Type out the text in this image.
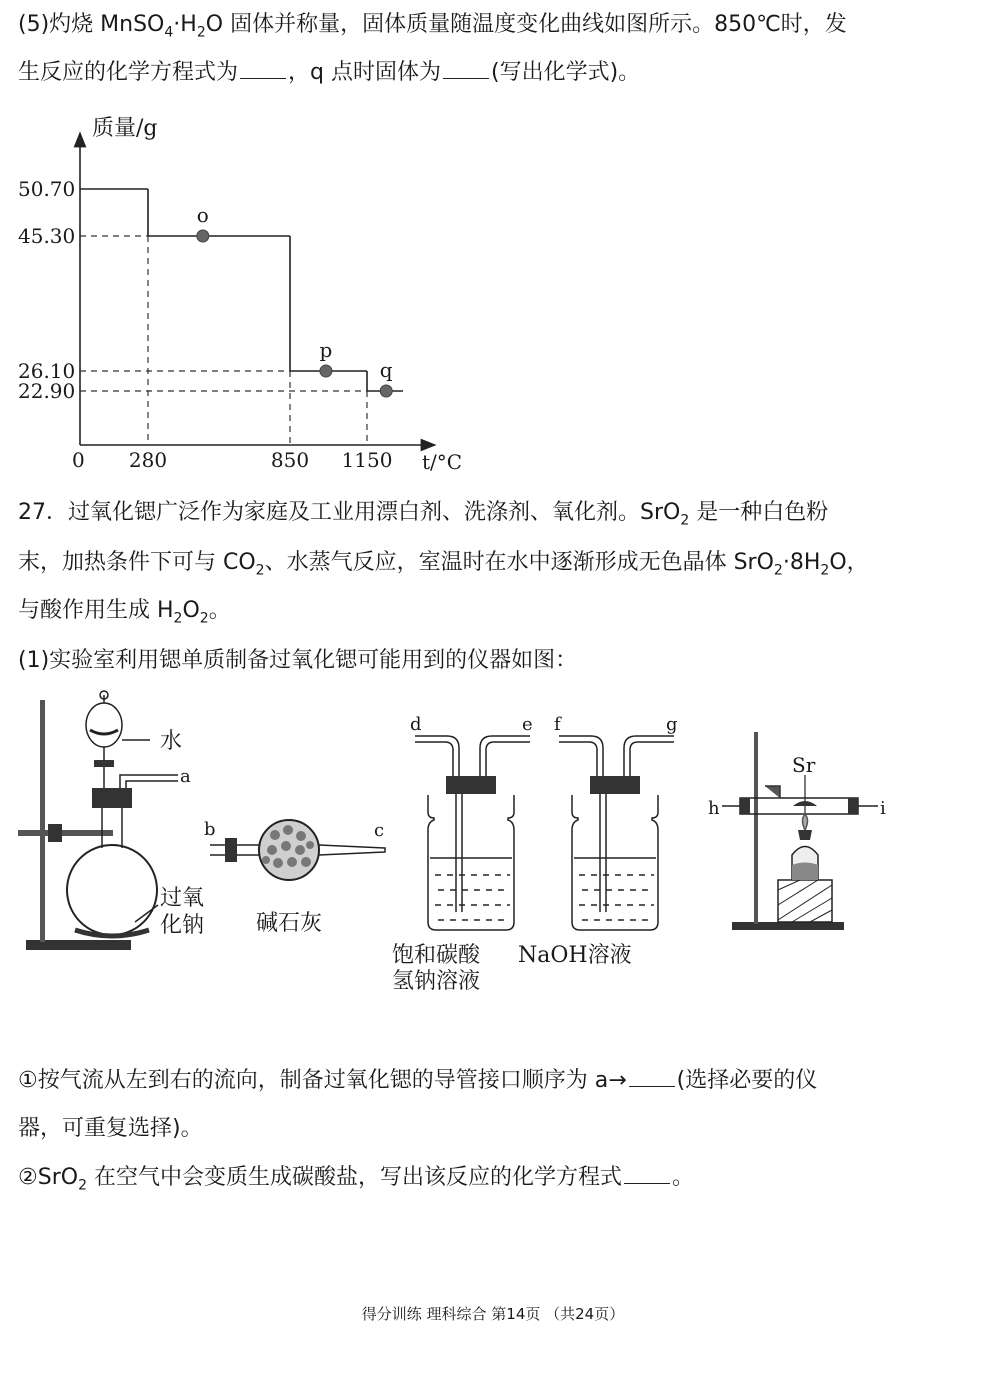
(5)灼烧 $MnSO_4\cdot H_2O$ 固体并称量，固体质量随温度变化曲线如图所示。850℃时，发
生反应的化学方程式为 ，q 点时固体为 (写出化学式)。
质量/g
t/°C
0
50.70
45.30
26.10
22.90
280	850 1150
o
p
q
27．过氧化锶广泛作为家庭及工业用漂白剂、洗涤剂、氧化剂。SrO$_2$ 是一种白色粉
末，加热条件下可与 $CO_2$、水蒸气反应，室温时在水中逐渐形成无色晶体 $SrO_2\cdot 8H_2O$，
与酸作用生成 $H_2O_2$。
(1)实验室利用锶单质制备过氧化锶可能用到的仪器如图：
水
a
过氧
化钠
b	c
碱石灰
d	e
饱和碳酸
氢钠溶液
f	g
NaOH溶液
Sr
h	i
①按气流从左到右的流向，制备过氧化锶的导管接口顺序为 a→ (选择必要的仪
器，可重复选择)。
②SrO$_2$ 在空气中会变质生成碳酸盐，写出该反应的化学方程式 。
得分训练 理科综合 第14页 （共24页）
